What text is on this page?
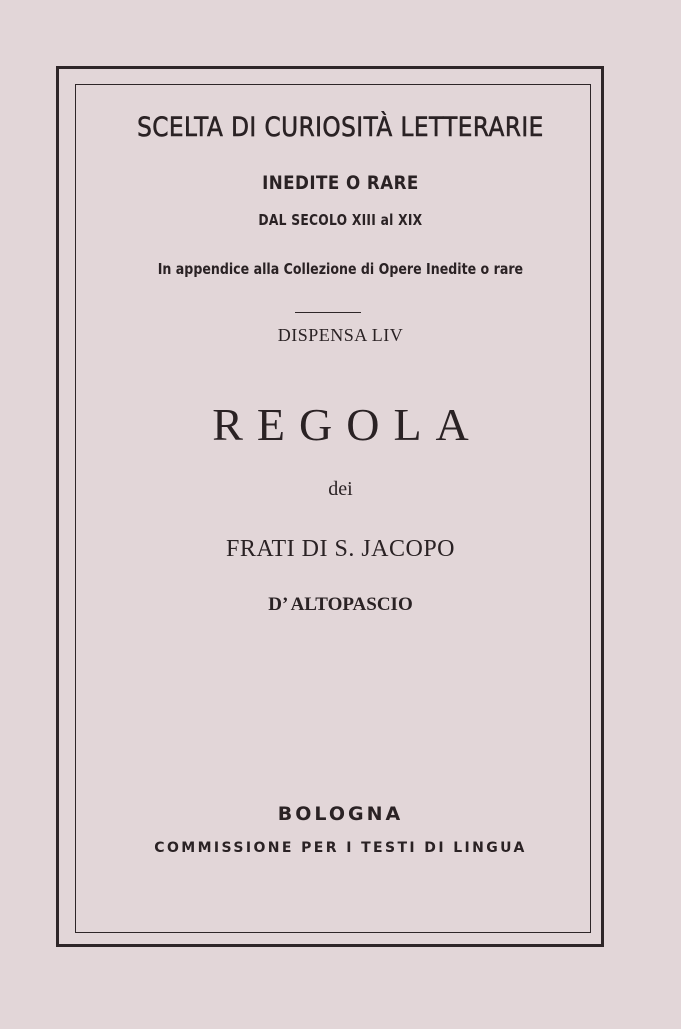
SCELTA DI CURIOSITÀ LETTERARIE
INEDITE O RARE
DAL SECOLO XIII al XIX
In appendice alla Collezione di Opere Inedite o rare
DISPENSA LIV
REGOLA
dei
FRATI DI S. JACOPO
D’ ALTOPASCIO
BOLOGNA
COMMISSIONE PER I TESTI DI LINGUA
